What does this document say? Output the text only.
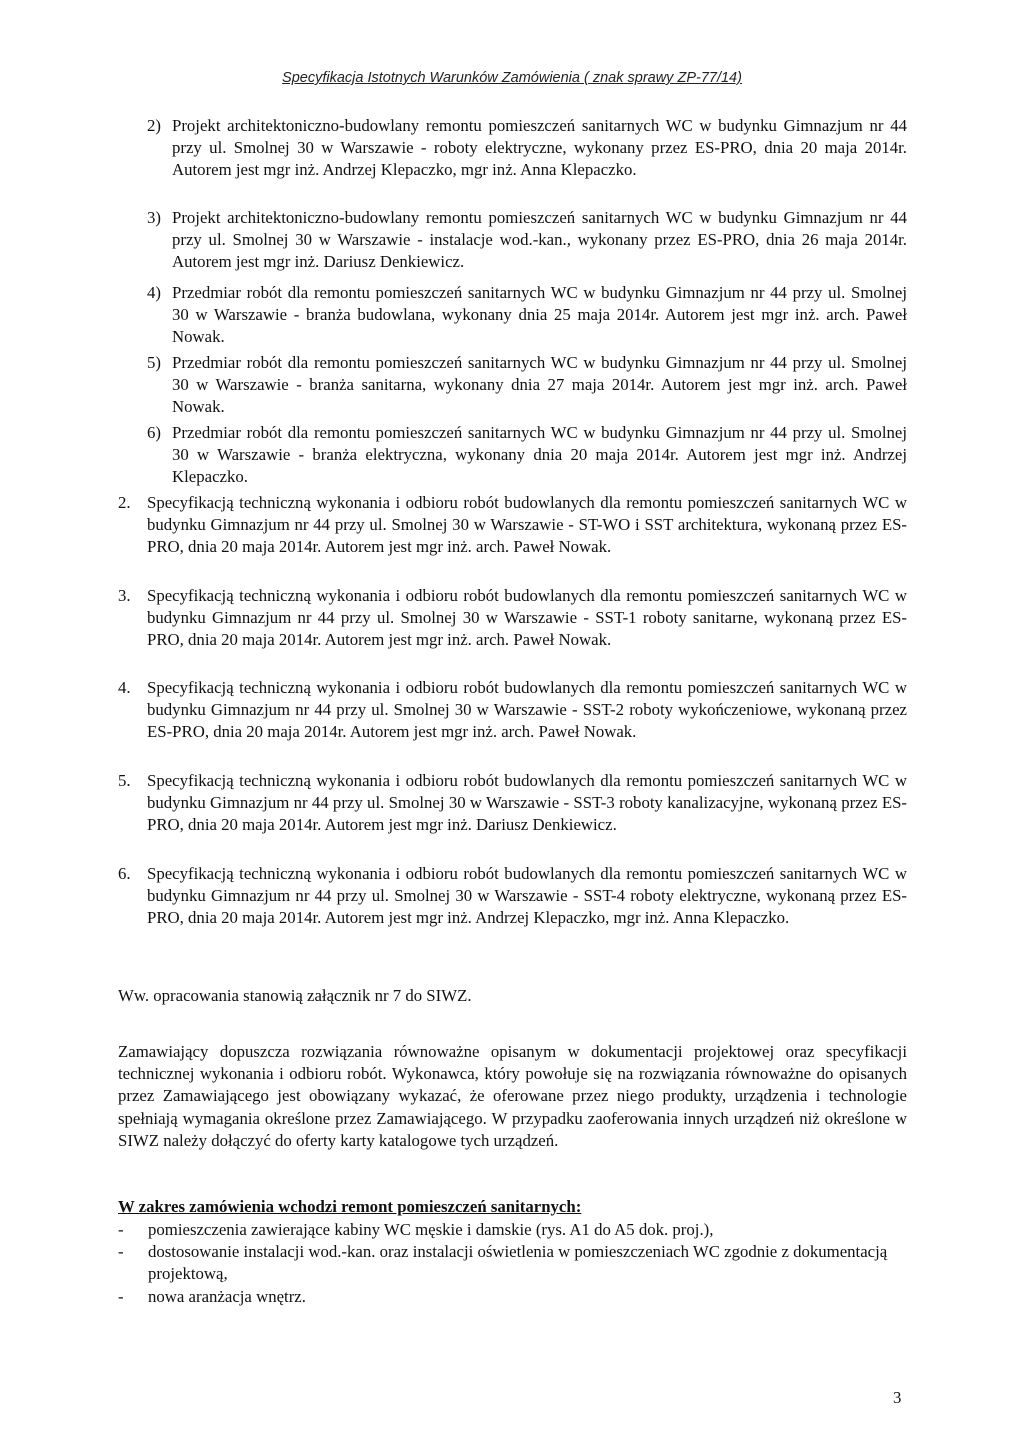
Specyfikacja Istotnych Warunków Zamówienia ( znak sprawy ZP-77/14)
2) Projekt architektoniczno-budowlany remontu pomieszczeń sanitarnych WC w budynku Gimnazjum nr 44 przy ul. Smolnej 30 w Warszawie - roboty elektryczne, wykonany przez ES-PRO, dnia 20 maja 2014r. Autorem jest mgr inż. Andrzej Klepaczko, mgr inż. Anna Klepaczko.
3) Projekt architektoniczno-budowlany remontu pomieszczeń sanitarnych WC w budynku Gimnazjum nr 44 przy ul. Smolnej 30 w Warszawie - instalacje wod.-kan., wykonany przez ES-PRO, dnia 26 maja 2014r. Autorem jest mgr inż. Dariusz Denkiewicz.
4) Przedmiar robót dla remontu pomieszczeń sanitarnych WC w budynku Gimnazjum nr 44 przy ul. Smolnej 30 w Warszawie - branża budowlana, wykonany dnia 25 maja 2014r. Autorem jest mgr inż. arch. Paweł Nowak.
5) Przedmiar robót dla remontu pomieszczeń sanitarnych WC w budynku Gimnazjum nr 44 przy ul. Smolnej 30 w Warszawie - branża sanitarna, wykonany dnia 27 maja 2014r. Autorem jest mgr inż. arch. Paweł Nowak.
6) Przedmiar robót dla remontu pomieszczeń sanitarnych WC w budynku Gimnazjum nr 44 przy ul. Smolnej 30 w Warszawie - branża elektryczna, wykonany dnia 20 maja 2014r. Autorem jest mgr inż. Andrzej Klepaczko.
2. Specyfikacją techniczną wykonania i odbioru robót budowlanych dla remontu pomieszczeń sanitarnych WC w budynku Gimnazjum nr 44 przy ul. Smolnej 30 w Warszawie - ST-WO i SST architektura, wykonaną przez ES-PRO, dnia 20 maja 2014r. Autorem jest mgr inż. arch. Paweł Nowak.
3. Specyfikacją techniczną wykonania i odbioru robót budowlanych dla remontu pomieszczeń sanitarnych WC w budynku Gimnazjum nr 44 przy ul. Smolnej 30 w Warszawie - SST-1 roboty sanitarne, wykonaną przez ES-PRO, dnia 20 maja 2014r. Autorem jest mgr inż. arch. Paweł Nowak.
4. Specyfikacją techniczną wykonania i odbioru robót budowlanych dla remontu pomieszczeń sanitarnych WC w budynku Gimnazjum nr 44 przy ul. Smolnej 30 w Warszawie - SST-2 roboty wykończeniowe, wykonaną przez ES-PRO, dnia 20 maja 2014r. Autorem jest mgr inż. arch. Paweł Nowak.
5. Specyfikacją techniczną wykonania i odbioru robót budowlanych dla remontu pomieszczeń sanitarnych WC w budynku Gimnazjum nr 44 przy ul. Smolnej 30 w Warszawie - SST-3 roboty kanalizacyjne, wykonaną przez ES-PRO, dnia 20 maja 2014r. Autorem jest mgr inż. Dariusz Denkiewicz.
6. Specyfikacją techniczną wykonania i odbioru robót budowlanych dla remontu pomieszczeń sanitarnych WC w budynku Gimnazjum nr 44 przy ul. Smolnej 30 w Warszawie - SST-4 roboty elektryczne, wykonaną przez ES-PRO, dnia 20 maja 2014r. Autorem jest mgr inż. Andrzej Klepaczko, mgr inż. Anna Klepaczko.
Ww. opracowania stanowią załącznik nr 7 do SIWZ.
Zamawiający dopuszcza rozwiązania równoważne opisanym w dokumentacji projektowej oraz specyfikacji technicznej wykonania i odbioru robót. Wykonawca, który powołuje się na rozwiązania równoważne do opisanych przez Zamawiającego jest obowiązany wykazać, że oferowane przez niego produkty, urządzenia i technologie spełniają wymagania określone przez Zamawiającego. W przypadku zaoferowania innych urządzeń niż określone w SIWZ należy dołączyć do oferty karty katalogowe tych urządzeń.
W zakres zamówienia wchodzi remont pomieszczeń sanitarnych:
- pomieszczenia zawierające kabiny WC męskie i damskie (rys. A1 do A5 dok. proj.),
- dostosowanie instalacji wod.-kan. oraz instalacji oświetlenia w pomieszczeniach WC zgodnie z dokumentacją projektową,
- nowa aranżacja wnętrz.
3
